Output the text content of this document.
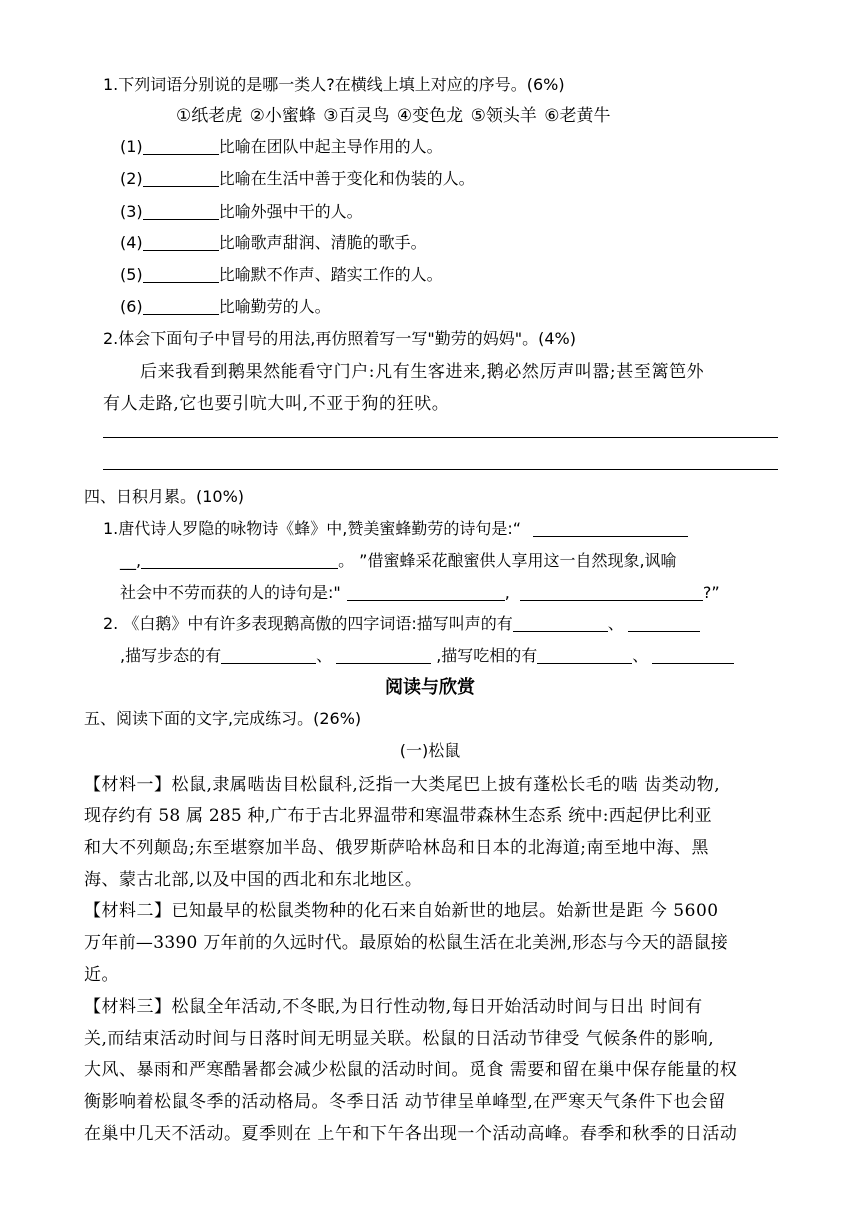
1.下列词语分别说的是哪一类人?在横线上填上对应的序号。(6%)
①纸老虎 ②小蜜蜂 ③百灵鸟 ④变色龙 ⑤领头羊 ⑥老黄牛
(1)	比喻在团队中起主导作用的人。
(2)	比喻在生活中善于变化和伪装的人。
(3)	比喻外强中干的人。
(4)	比喻歌声甜润、清脆的歌手。
(5)	比喻默不作声、踏实工作的人。
(6)	比喻勤劳的人。
2.体会下面句子中冒号的用法,再仿照着写一写"勤劳的妈妈"。(4%)
后来我看到鹅果然能看守门户:凡有生客进来,鹅必然厉声叫嚣;甚至篱笆外
有人走路,它也要引吭大叫,不亚于狗的狂吠。
四、日积月累。(10%)
1.唐代诗人罗隐的咏物诗《蜂》中,赞美蜜蜂勤劳的诗句是:“
__,	。 ”借蜜蜂采花酿蜜供人享用这一自然现象,讽喻
社会中不劳而获的人的诗句是:"	,	?”
2. 《白鹅》中有许多表现鹅高傲的四字词语:描写叫声的有	、
,描写步态的有	、	,描写吃相的有	、
阅读与欣赏
五、阅读下面的文字,完成练习。(26%)
(一)松鼠
【材料一】松鼠,隶属啮齿目松鼠科,泛指一大类尾巴上披有蓬松长毛的啮 齿类动物,
现存约有 58 属 285 种,广布于古北界温带和寒温带森林生态系 统中:西起伊比利亚
和大不列颠岛;东至堪察加半岛、俄罗斯萨哈林岛和日本的北海道;南至地中海、黑
海、蒙古北部,以及中国的西北和东北地区。
【材料二】已知最早的松鼠类物种的化石来自始新世的地层。始新世是距 今 5600
万年前—3390 万年前的久远时代。最原始的松鼠生活在北美洲,形态与今天的語鼠接
近。
【材料三】松鼠全年活动,不冬眠,为日行性动物,每日开始活动时间与日出 时间有
关,而结束活动时间与日落时间无明显关联。松鼠的日活动节律受 气候条件的影响,
大风、暴雨和严寒酷暑都会减少松鼠的活动时间。觅食 需要和留在巢中保存能量的权
衡影响着松鼠冬季的活动格局。冬季日活 动节律呈单峰型,在严寒天气条件下也会留
在巢中几天不活动。夏季则在 上午和下午各出现一个活动高峰。春季和秋季的日活动
